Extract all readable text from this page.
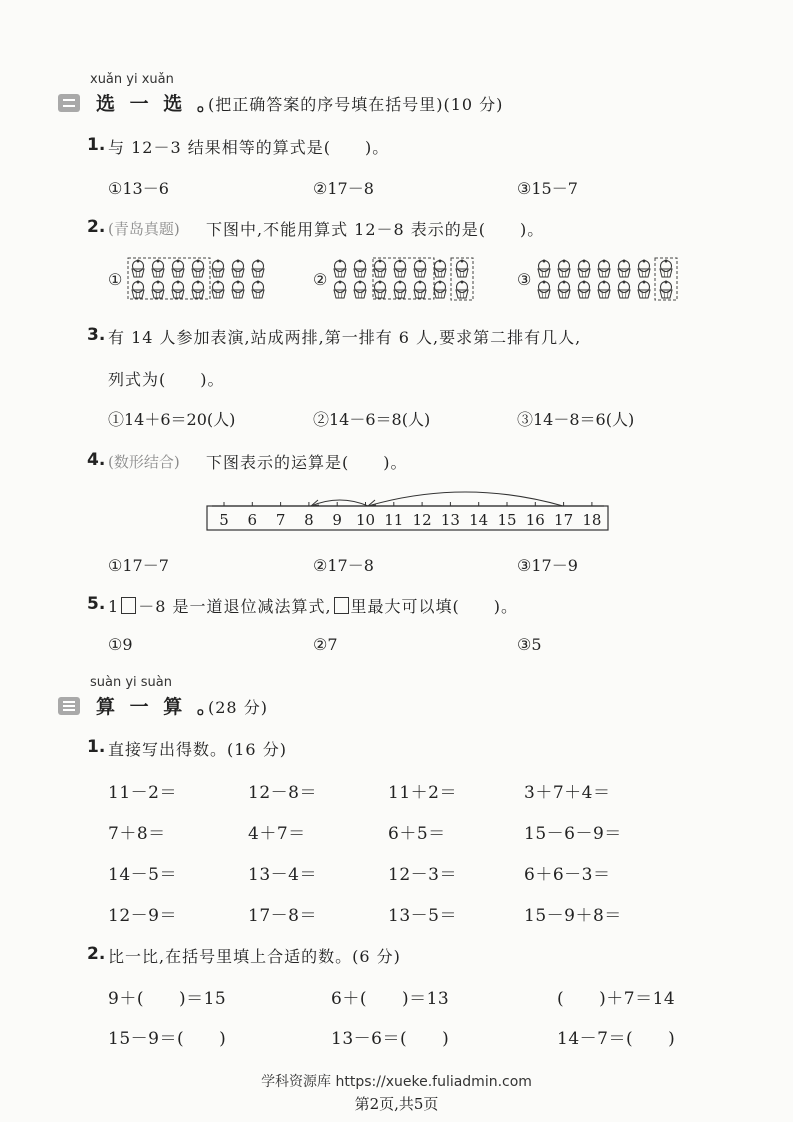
xuǎn yi xuǎn
选 一 选 。
(把正确答案的序号填在括号里)(10 分)
1. 与 12－3 结果相等的算式是(　　)。
①13－6	②17－8	③15－7
2. (青岛真题) 下图中,不能用算式 12－8 表示的是(　　)。
①	②	③
3. 有 14 人参加表演,站成两排,第一排有 6 人,要求第二排有几人,
列式为(　　)。
①14＋6＝20(人)	②14－6＝8(人)	③14－8＝6(人)
4. (数形结合) 下图表示的运算是(　　)。
5 6 7 8 9 10 11 12 13 14 15 16 17 18
①17－7	②17－8	③17－9
5. 1 －8 是一道退位减法算式, 里最大可以填(　　)。
①9	②7	③5
suàn yi suàn
算 一 算 。
(28 分)
1. 直接写出得数。(16 分)
11－2＝	12－8＝	11＋2＝	3＋7＋4＝
7＋8＝	4＋7＝	6＋5＝	15－6－9＝
14－5＝	13－4＝	12－3＝	6＋6－3＝
12－9＝	17－8＝	13－5＝	15－9＋8＝
2. 比一比,在括号里填上合适的数。(6 分)
9＋(　　)＝15	6＋(　　)＝13	(　　)＋7＝14
15－9＝(　　)	13－6＝(　　)	14－7＝(　　)
学科资源库 https://xueke.fuliadmin.com
第2页,共5页
